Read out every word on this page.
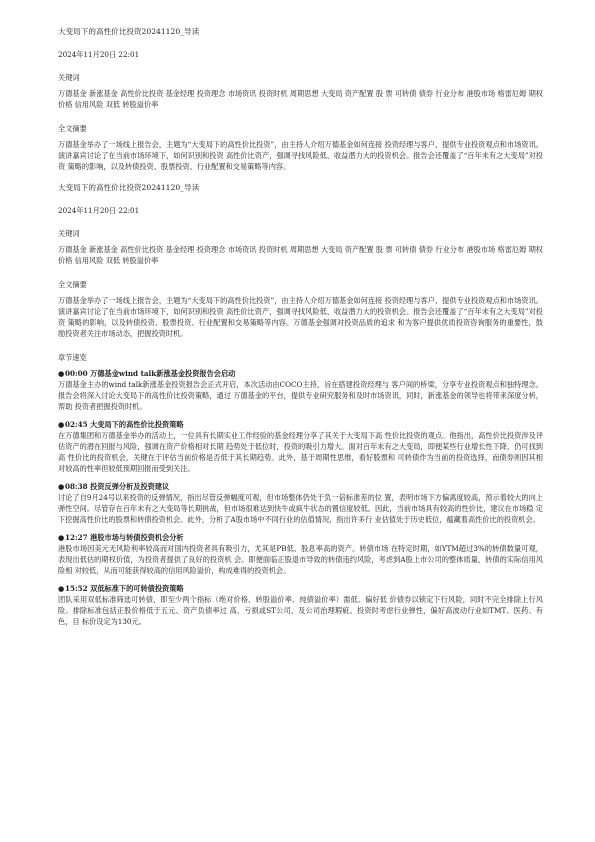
大变局下的高性价比投资20241120_导读
2024年11月20日 22:01
关键词
万德基金 新涨基金 高性价比投资 基金经理 投资理念 市场资讯 投资时机 周期思想 大变局 资产配置 股 票 可转债 债券 行业分布 港股市场 格雷厄姆 期权价格 信用风险 双低 转股溢价率
全文摘要
万德基金举办了一场线上报告会，主题为“大变局下的高性价比投资”，由主持人介绍万德基金如何连接 投资经理与客户，提供专业投资观点和市场资讯。演讲嘉宾讨论了在当前市场环境下，如何识别和投资 高性价比资产，强调寻找风险低、收益潜力大的投资机会。报告会还覆盖了“百年未有之大变局”对投资 策略的影响，以及转债投资、股票投资、行业配置和交易策略等内容。
大变局下的高性价比投资20241120_导读
2024年11月20日 22:01
关键词
万德基金 新涨基金 高性价比投资 基金经理 投资理念 市场资讯 投资时机 周期思想 大变局 资产配置 股 票 可转债 债券 行业分布 港股市场 格雷厄姆 期权价格 信用风险 双低 转股溢价率
全文摘要
万德基金举办了一场线上报告会，主题为“大变局下的高性价比投资”，由主持人介绍万德基金如何连接 投资经理与客户，提供专业投资观点和市场资讯。演讲嘉宾讨论了在当前市场环境下，如何识别和投资 高性价比资产，强调寻找风险低、收益潜力大的投资机会。报告会还覆盖了“百年未有之大变局”对投资 策略的影响，以及转债投资、股票投资、行业配置和交易策略等内容。万德基金强调对投资品质的追求 和为客户提供优质投资咨询服务的重要性，鼓励投资者关注市场动态，把握投资时机。
章节速览
●00:00 万德基金wind talk新涨基金投资报告会启动
万德基金主办的wind talk新涨基金投资报告会正式开启，本次活动由COCO主持，旨在搭建投资经理与 客户间的桥梁，分享专业投资观点和独特理念。报告会将深入讨论大变局下的高性价比投资策略，通过 万德基金的平台，提供专业研究服务和及时市场资讯，同时，新涨基金的领导也将带来深度分析，帮助 投资者把握投资时机。
●02:45 大变局下的高性价比投资策略
在万德集团和万德基金举办的活动上，一位具有长期实业工作经验的基金经理分享了其关于大变局下高 性价比投资的观点。他指出，高性价比投资涉及评估资产的潜在回报与风险，强调在资产价格相对长期 趋势处于低位时，投资的吸引力增大。面对百年未有之大变局，即便某些行业增长性下降，仍可找到高 性价比的投资机会，关键在于评估当前价格是否低于其长期趋势。此外，基于周期性思维，看好股票和 可转债作为当前的投资选择，而债券则因其相对较高的性率但较低预期回报而受到关注。
●08:38 投资反弹分析及投资建议
讨论了自9月24号以来投资的反弹情况，指出尽管反弹幅度可观，但市场整体仍处于负一倍标准差的位 置，表明市场下方偏离度较高，预示着较大的向上弹性空间。尽管存在百年未有之大变局等长期挑战，但市场很难达到快牛或疯牛状态的置信度较低。因此，当前市场具有较高的性价比，建议在市场稳 定下挖掘高性价比的股票和转债投资机会。此外，分析了A股市场中不同行业的估值情况，指出许多行 业估值处于历史低位，蕴藏着高性价比的投资机会。
●12:27 港股市场与转债投资机会分析
港股市场因美元无风险利率较高而对国内投资者具有吸引力，尤其是PB低、股息率高的资产。转债市场 在特定时期，如YTM超过3%的转债数量可观，表现出低估的期权价值，为投资者提供了良好的投资机 会。即便面临正股退市导致的转债违约风险，考虑到A股上市公司的整体质量，转债的实际信用风险相 对较低，从而可能获得较高的信用风险溢价，构成难得的投资机会。
●15:52 双低标准下的可转债投资策略
团队采用双低标准筛选可转债，即至少两个指标（绝对价格、转股溢价率、纯债溢价率）需低。偏好低 价债券以锁定下行风险，同时不完全排除上行风险。排除标准包括正股价格低于五元、资产负债率过 高、亏损或ST公司、及公司治理瑕疵。投资时考虑行业弹性，偏好高波动行业如TMT、医药、有色，目 标价设定为130元。
